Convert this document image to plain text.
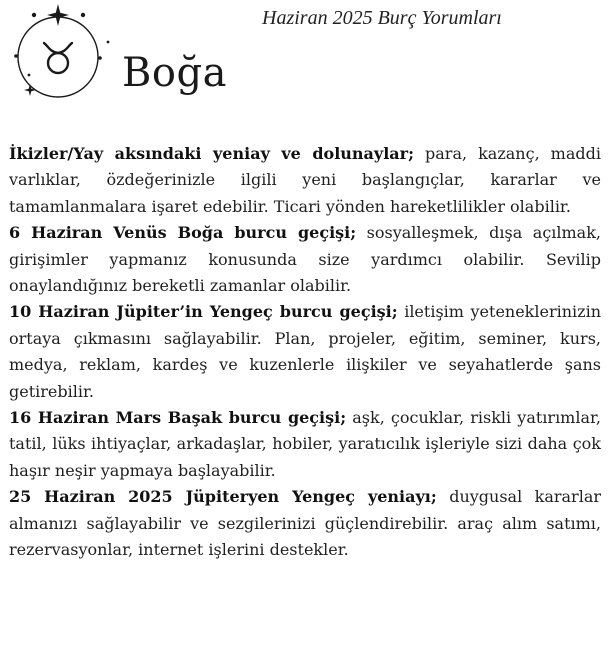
Haziran 2025 Burç Yorumları
Boğa

İkizler/Yay aksındaki yeniay ve dolunaylar; para, kazanç, maddi varlıklar, özdeğerinizle ilgili yeni başlangıçlar, kararlar ve tamamlanmalara işaret edebilir. Ticari yönden hareketlilikler olabilir.

6 Haziran Venüs Boğa burcu geçişi; sosyalleşmek, dışa açılmak, girişimler yapmanız konusunda size yardımcı olabilir. Sevilip onaylandığınız bereketli zamanlar olabilir.

10 Haziran Jüpiter’in Yengeç burcu geçişi; iletişim yeteneklerinizin ortaya çıkmasını sağlayabilir. Plan, projeler, eğitim, seminer, kurs, medya, reklam, kardeş ve kuzenlerle ilişkiler ve seyahatlerde şans getirebilir.

16 Haziran Mars Başak burcu geçişi; aşk, çocuklar, riskli yatırımlar, tatil, lüks ihtiyaçlar, arkadaşlar, hobiler, yaratıcılık işleriyle sizi daha çok haşır neşir yapmaya başlayabilir.

25 Haziran 2025 Jüpiteryen Yengeç yeniayı; duygusal kararlar almanızı sağlayabilir ve sezgilerinizi güçlendirebilir. araç alım satımı, rezervasyonlar, internet işlerini destekler.
